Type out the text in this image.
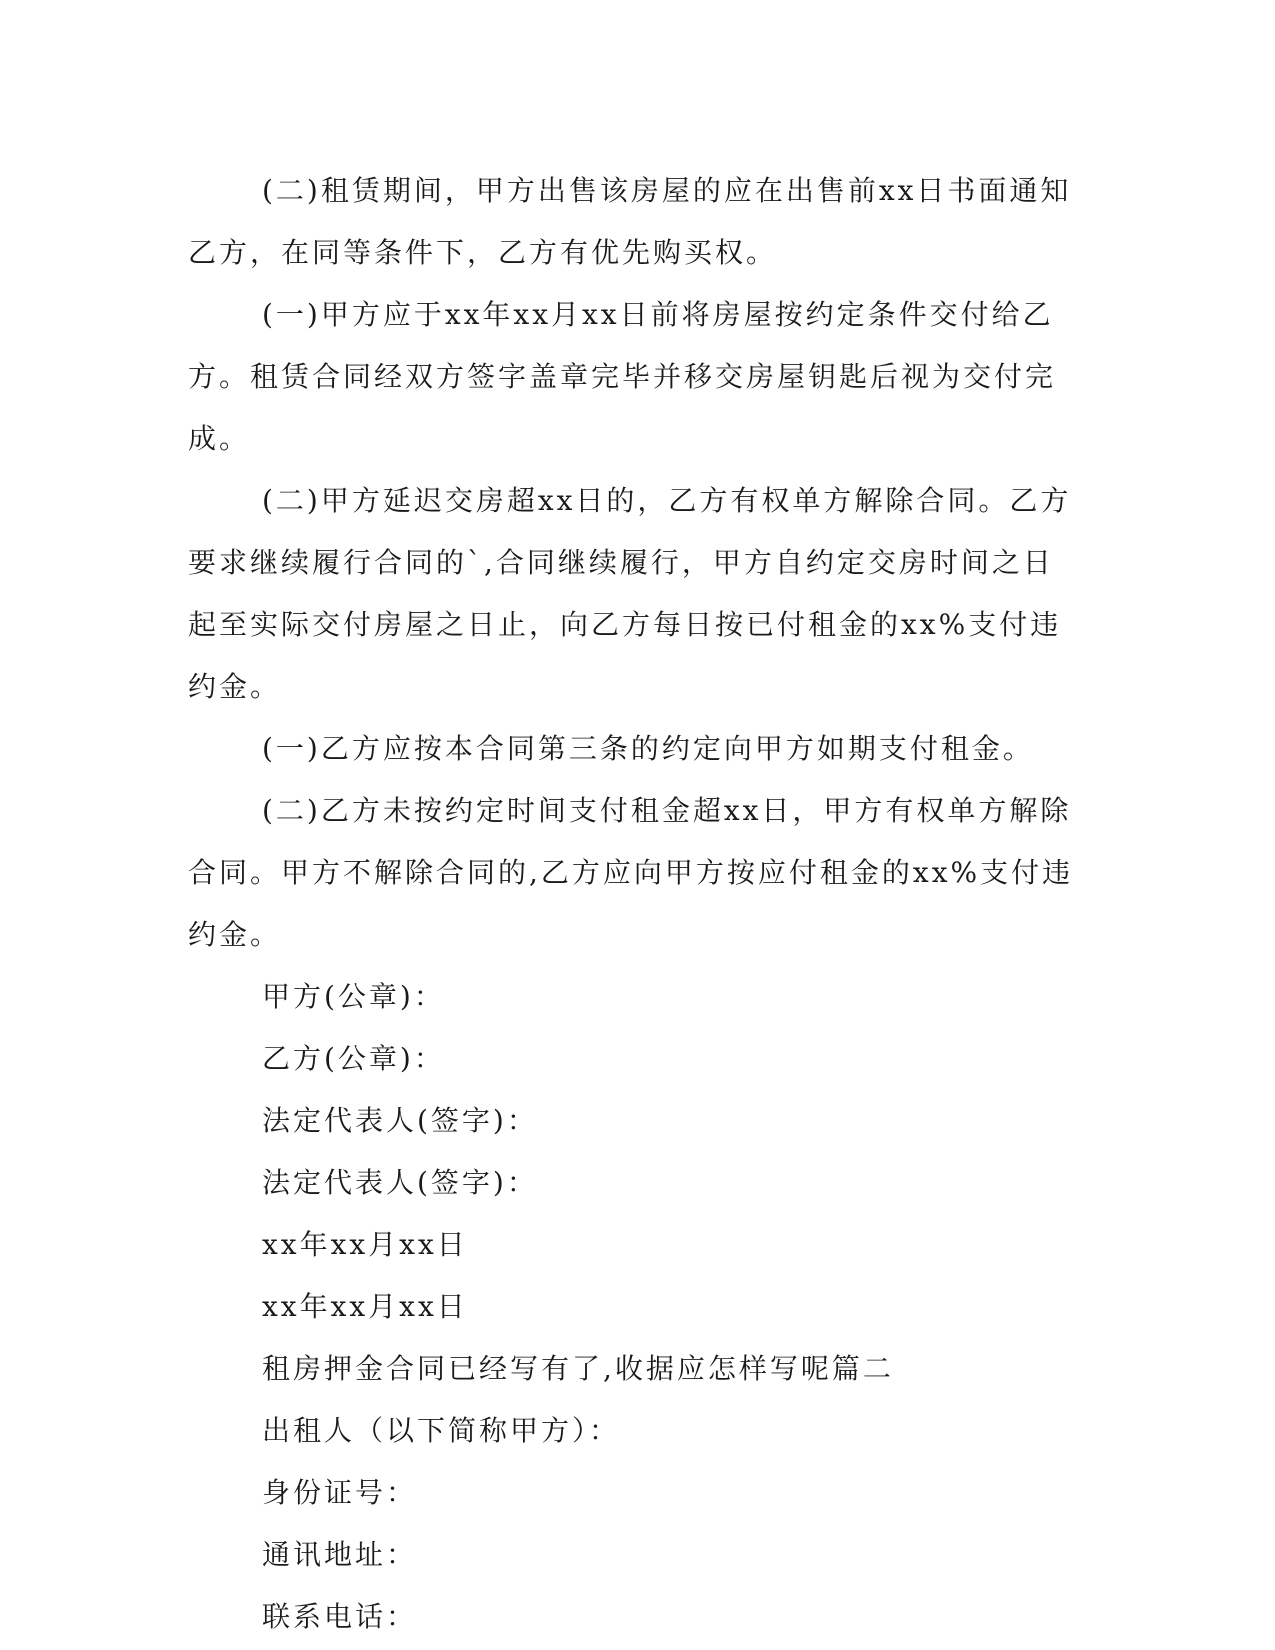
(二)租赁期间，甲方出售该房屋的应在出售前xx日书面通知乙方，在同等条件下，乙方有优先购买权。

(一)甲方应于xx年xx月xx日前将房屋按约定条件交付给乙方。租赁合同经双方签字盖章完毕并移交房屋钥匙后视为交付完成。

(二)甲方延迟交房超xx日的，乙方有权单方解除合同。乙方要求继续履行合同的`,合同继续履行，甲方自约定交房时间之日起至实际交付房屋之日止，向乙方每日按已付租金的xx%支付违约金。

(一)乙方应按本合同第三条的约定向甲方如期支付租金。

(二)乙方未按约定时间支付租金超xx日，甲方有权单方解除合同。甲方不解除合同的,乙方应向甲方按应付租金的xx%支付违约金。

甲方(公章)：

乙方(公章)：

法定代表人(签字)：

法定代表人(签字)：

xx年xx月xx日

xx年xx月xx日

租房押金合同已经写有了,收据应怎样写呢篇二

出租人（以下简称甲方）：

身份证号：

通讯地址：

联系电话：
